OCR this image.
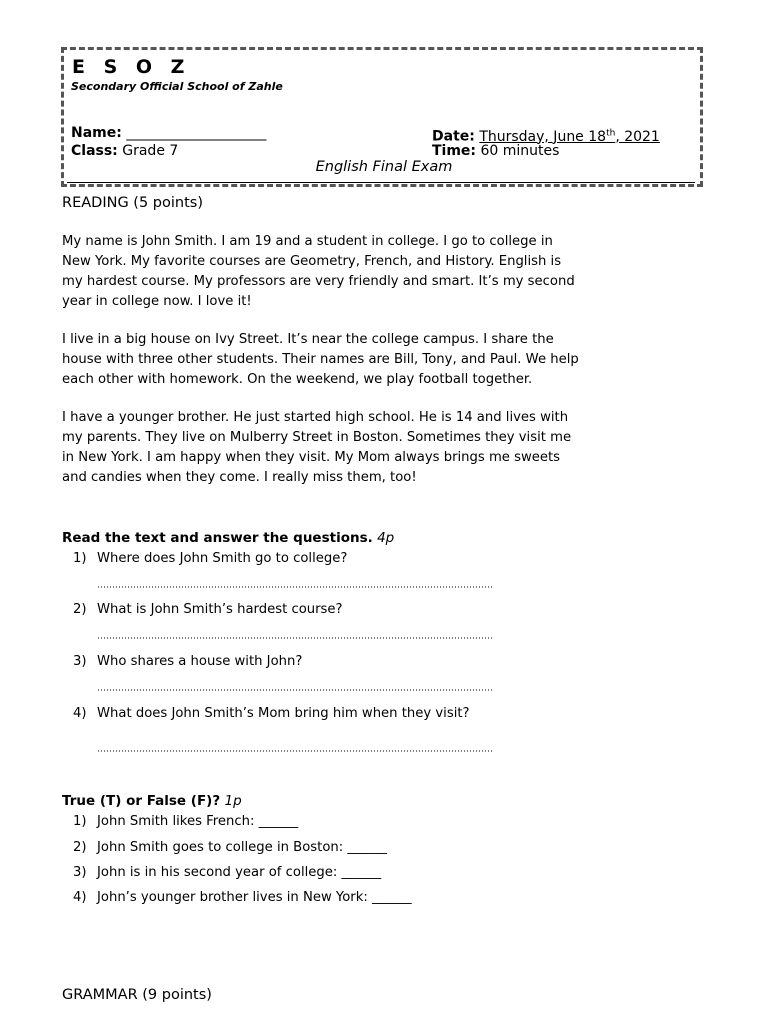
E S O Z
Secondary Official School of Zahle
Name: ____________________	Date: Thursday, June 18th, 2021
Class: Grade 7	Time: 60 minutes
English Final Exam
READING (5 points)

My name is John Smith. I am 19 and a student in college. I go to college in New York. My favorite courses are Geometry, French, and History. English is my hardest course. My professors are very friendly and smart. It’s my second year in college now. I love it!

I live in a big house on Ivy Street. It’s near the college campus. I share the house with three other students. Their names are Bill, Tony, and Paul. We help each other with homework. On the weekend, we play football together.

I have a younger brother. He just started high school. He is 14 and lives with my parents. They live on Mulberry Street in Boston. Sometimes they visit me in New York. I am happy when they visit. My Mom always brings me sweets and candies when they come. I really miss them, too!

Read the text and answer the questions. 4p
1) Where does John Smith go to college?
2) What is John Smith’s hardest course?
3) Who shares a house with John?
4) What does John Smith’s Mom bring him when they visit?
True (T) or False (F)? 1p
1) John Smith likes French: ______
2) John Smith goes to college in Boston: ______
3) John is in his second year of college: ______
4) John’s younger brother lives in New York: ______
GRAMMAR (9 points)
